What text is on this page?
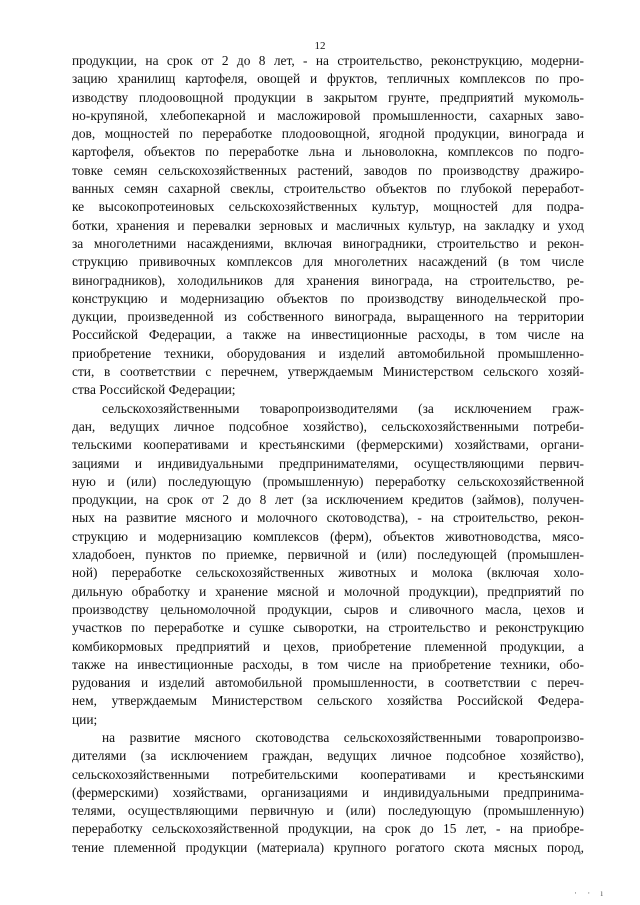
12
продукции, на срок от 2 до 8 лет, - на строительство, реконструкцию, модерни-
зацию хранилищ картофеля, овощей и фруктов, тепличных комплексов по про-
изводству плодоовощной продукции в закрытом грунте, предприятий мукомоль-
но-крупяной, хлебопекарной и масложировой промышленности, сахарных заво-
дов, мощностей по переработке плодоовощной, ягодной продукции, винограда и
картофеля, объектов по переработке льна и льноволокна, комплексов по подго-
товке семян сельскохозяйственных растений, заводов по производству дражиро-
ванных семян сахарной свеклы, строительство объектов по глубокой переработ-
ке высокопротеиновых сельскохозяйственных культур, мощностей для подра-
ботки, хранения и перевалки зерновых и масличных культур, на закладку и уход
за многолетними насаждениями, включая виноградники, строительство и рекон-
струкцию прививочных комплексов для многолетних насаждений (в том числе
виноградников), холодильников для хранения винограда, на строительство, ре-
конструкцию и модернизацию объектов по производству винодельческой про-
дукции, произведенной из собственного винограда, выращенного на территории
Российской Федерации, а также на инвестиционные расходы, в том числе на
приобретение техники, оборудования и изделий автомобильной промышленно-
сти, в соответствии с перечнем, утверждаемым Министерством сельского хозяй-
ства Российской Федерации;
сельскохозяйственными товаропроизводителями (за исключением граж-
дан, ведущих личное подсобное хозяйство), сельскохозяйственными потреби-
тельскими кооперативами и крестьянскими (фермерскими) хозяйствами, органи-
зациями и индивидуальными предпринимателями, осуществляющими первич-
ную и (или) последующую (промышленную) переработку сельскохозяйственной
продукции, на срок от 2 до 8 лет (за исключением кредитов (займов), получен-
ных на развитие мясного и молочного скотоводства), - на строительство, рекон-
струкцию и модернизацию комплексов (ферм), объектов животноводства, мясо-
хладобоен, пунктов по приемке, первичной и (или) последующей (промышлен-
ной) переработке сельскохозяйственных животных и молока (включая холо-
дильную обработку и хранение мясной и молочной продукции), предприятий по
производству цельномолочной продукции, сыров и сливочного масла, цехов и
участков по переработке и сушке сыворотки, на строительство и реконструкцию
комбикормовых предприятий и цехов, приобретение племенной продукции, а
также на инвестиционные расходы, в том числе на приобретение техники, обо-
рудования и изделий автомобильной промышленности, в соответствии с переч-
нем, утверждаемым Министерством сельского хозяйства Российской Федера-
ции;
на развитие мясного скотоводства сельскохозяйственными товаропроизво-
дителями (за исключением граждан, ведущих личное подсобное хозяйство),
сельскохозяйственными потребительскими кооперативами и крестьянскими
(фермерскими) хозяйствами, организациями и индивидуальными предпринима-
телями, осуществляющими первичную и (или) последующую (промышленную)
переработку сельскохозяйственной продукции, на срок до 15 лет, - на приобре-
тение племенной продукции (материала) крупного рогатого скота мясных пород,
· · ı
